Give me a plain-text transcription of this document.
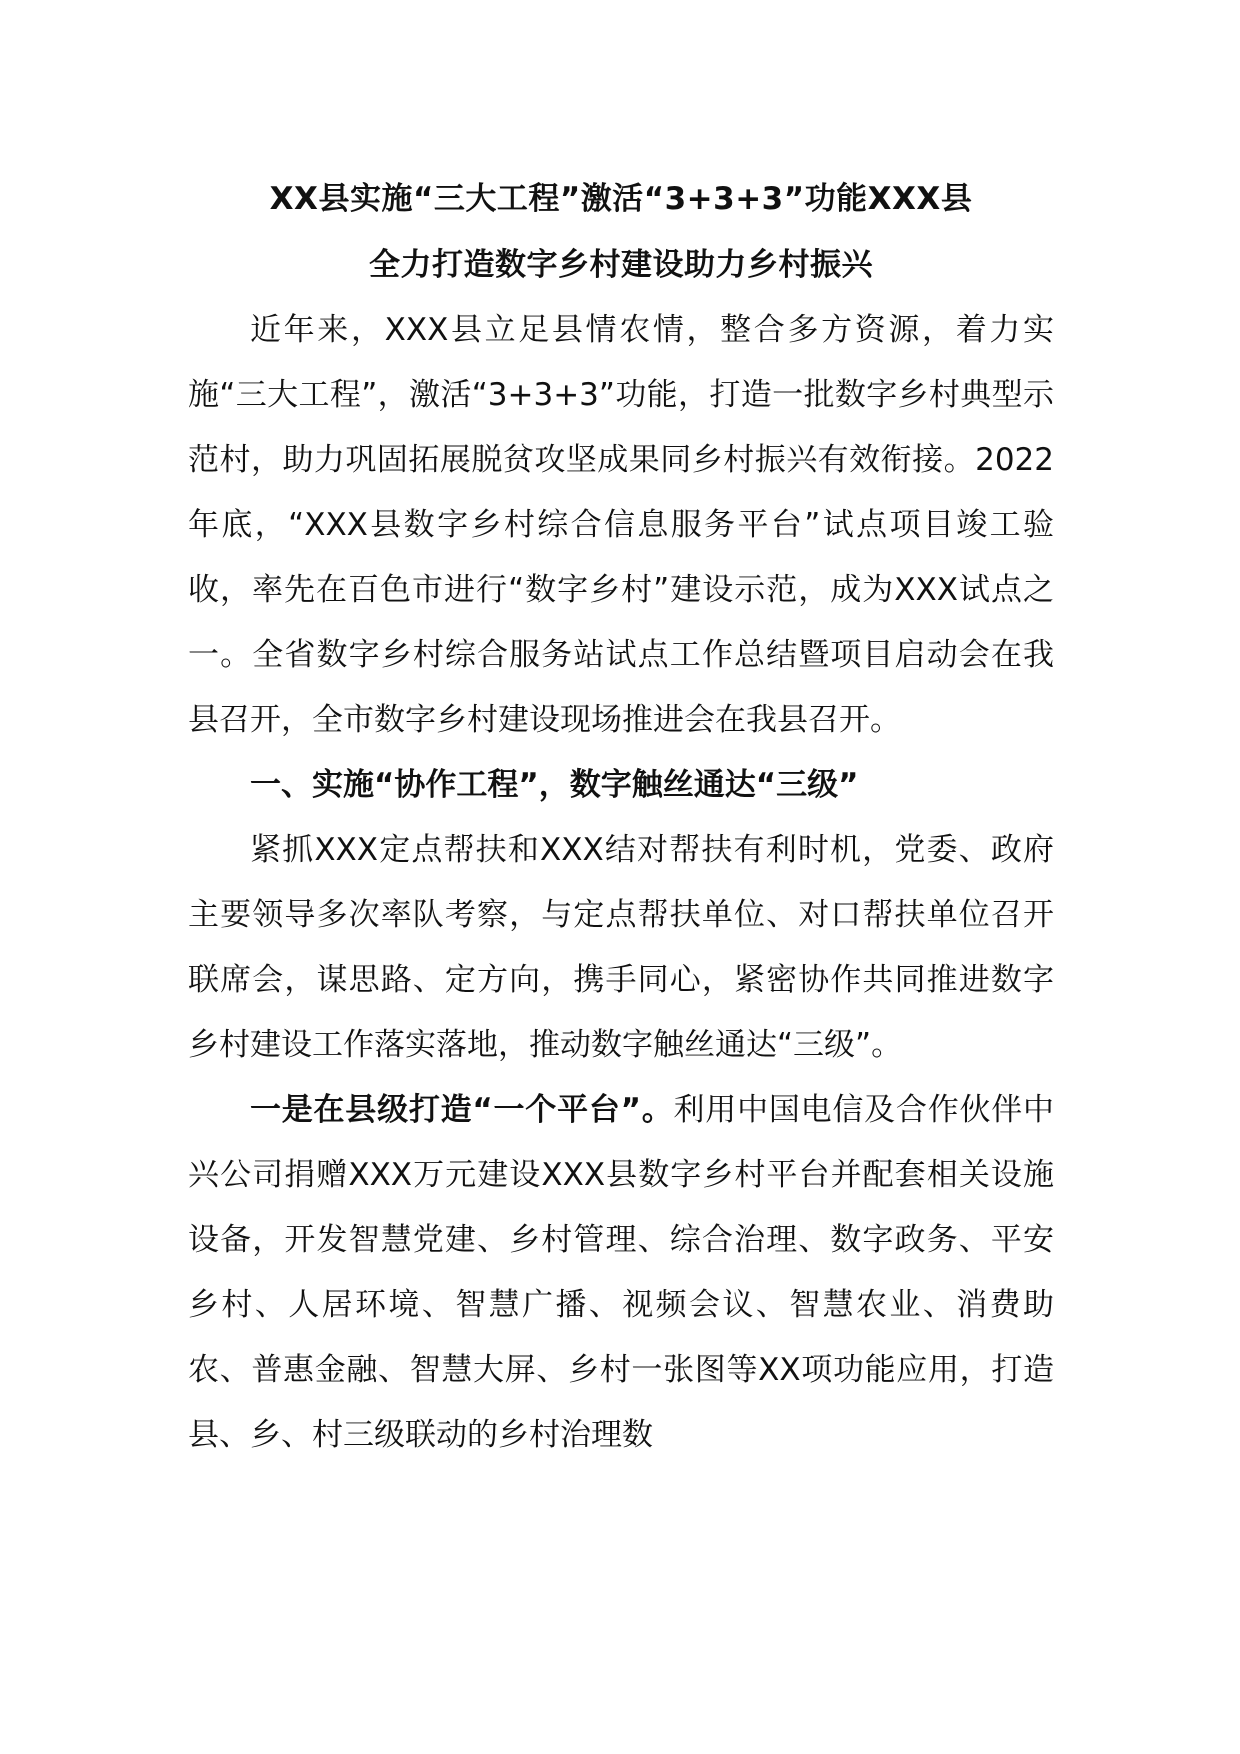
XX县实施“三大工程”激活“3+3+3”功能XXX县
全力打造数字乡村建设助力乡村振兴

近年来，XXX县立足县情农情，整合多方资源，着力实施“三大工程”，激活“3+3+3”功能，打造一批数字乡村典型示范村，助力巩固拓展脱贫攻坚成果同乡村振兴有效衔接。2022年底，“XXX县数字乡村综合信息服务平台”试点项目竣工验收，率先在百色市进行“数字乡村”建设示范，成为XXX试点之一。全省数字乡村综合服务站试点工作总结暨项目启动会在我县召开，全市数字乡村建设现场推进会在我县召开。

一、实施“协作工程”，数字触丝通达“三级”

紧抓XXX定点帮扶和XXX结对帮扶有利时机，党委、政府主要领导多次率队考察，与定点帮扶单位、对口帮扶单位召开联席会，谋思路、定方向，携手同心，紧密协作共同推进数字乡村建设工作落实落地，推动数字触丝通达“三级”。

一是在县级打造“一个平台”。利用中国电信及合作伙伴中兴公司捐赠XXX万元建设XXX县数字乡村平台并配套相关设施设备，开发智慧党建、乡村管理、综合治理、数字政务、平安乡村、人居环境、智慧广播、视频会议、智慧农业、消费助农、普惠金融、智慧大屏、乡村一张图等XX项功能应用，打造县、乡、村三级联动的乡村治理数
